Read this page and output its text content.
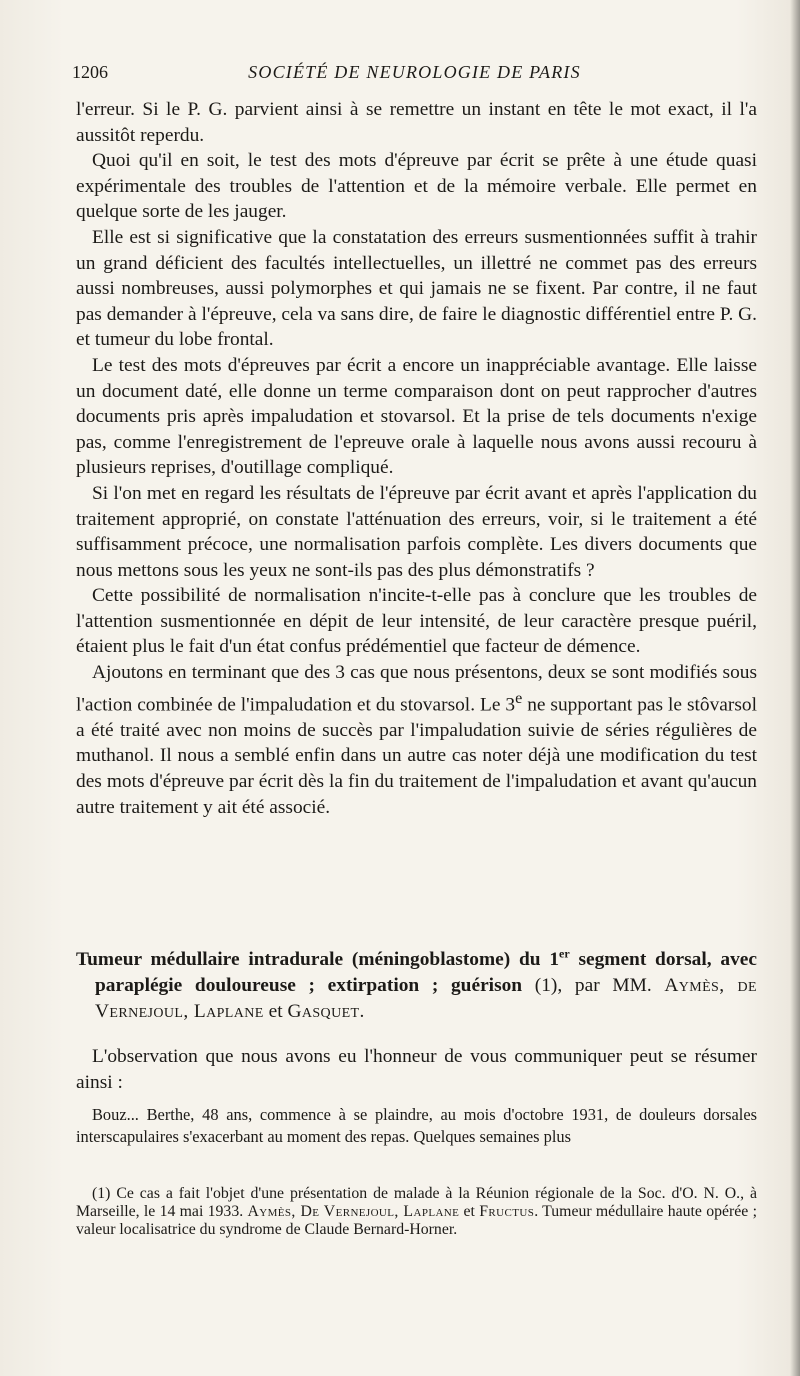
1206	SOCIÉTÉ DE NEUROLOGIE DE PARIS

l'erreur. Si le P. G. parvient ainsi à se remettre un instant en tête le mot exact, il l'a aussitôt reperdu.

Quoi qu'il en soit, le test des mots d'épreuve par écrit se prête à une étude quasi expérimentale des troubles de l'attention et de la mémoire verbale. Elle permet en quelque sorte de les jauger.

Elle est si significative que la constatation des erreurs susmentionnées suffit à trahir un grand déficient des facultés intellectuelles, un illettré ne commet pas des erreurs aussi nombreuses, aussi polymorphes et qui jamais ne se fixent. Par contre, il ne faut pas demander à l'épreuve, cela va sans dire, de faire le diagnostic différentiel entre P. G. et tumeur du lobe frontal.

Le test des mots d'épreuves par écrit a encore un inappréciable avantage. Elle laisse un document daté, elle donne un terme comparaison dont on peut rapprocher d'autres documents pris après impaludation et stovarsol. Et la prise de tels documents n'exige pas, comme l'enregistrement de l'epreuve orale à laquelle nous avons aussi recouru à plusieurs reprises, d'outillage compliqué.

Si l'on met en regard les résultats de l'épreuve par écrit avant et après l'application du traitement approprié, on constate l'atténuation des erreurs, voir, si le traitement a été suffisamment précoce, une normalisation parfois complète. Les divers documents que nous mettons sous les yeux ne sont-ils pas des plus démonstratifs ?

Cette possibilité de normalisation n'incite-t-elle pas à conclure que les troubles de l'attention susmentionnée en dépit de leur intensité, de leur caractère presque puéril, étaient plus le fait d'un état confus prédémentiel que facteur de démence.

Ajoutons en terminant que des 3 cas que nous présentons, deux se sont modifiés sous l'action combinée de l'impaludation et du stovarsol. Le 3e ne supportant pas le stôvarsol a été traité avec non moins de succès par l'impaludation suivie de séries régulières de muthanol. Il nous a semblé enfin dans un autre cas noter déjà une modification du test des mots d'épreuve par écrit dès la fin du traitement de l'impaludation et avant qu'aucun autre traitement y ait été associé.

Tumeur médullaire intradurale (méningoblastome) du 1er segment dorsal, avec paraplégie douloureuse ; extirpation ; guérison (1), par MM. Aymès, de Vernejoul, Laplane et Gasquet.

L'observation que nous avons eu l'honneur de vous communiquer peut se résumer ainsi :

Bouz... Berthe, 48 ans, commence à se plaindre, au mois d'octobre 1931, de douleurs dorsales interscapulaires s'exacerbant au moment des repas. Quelques semaines plus

(1) Ce cas a fait l'objet d'une présentation de malade à la Réunion régionale de la Soc. d'O. N. O., à Marseille, le 14 mai 1933. Aymès, De Vernejoul, Laplane et Fructus. Tumeur médullaire haute opérée ; valeur localisatrice du syndrome de Claude Bernard-Horner.
